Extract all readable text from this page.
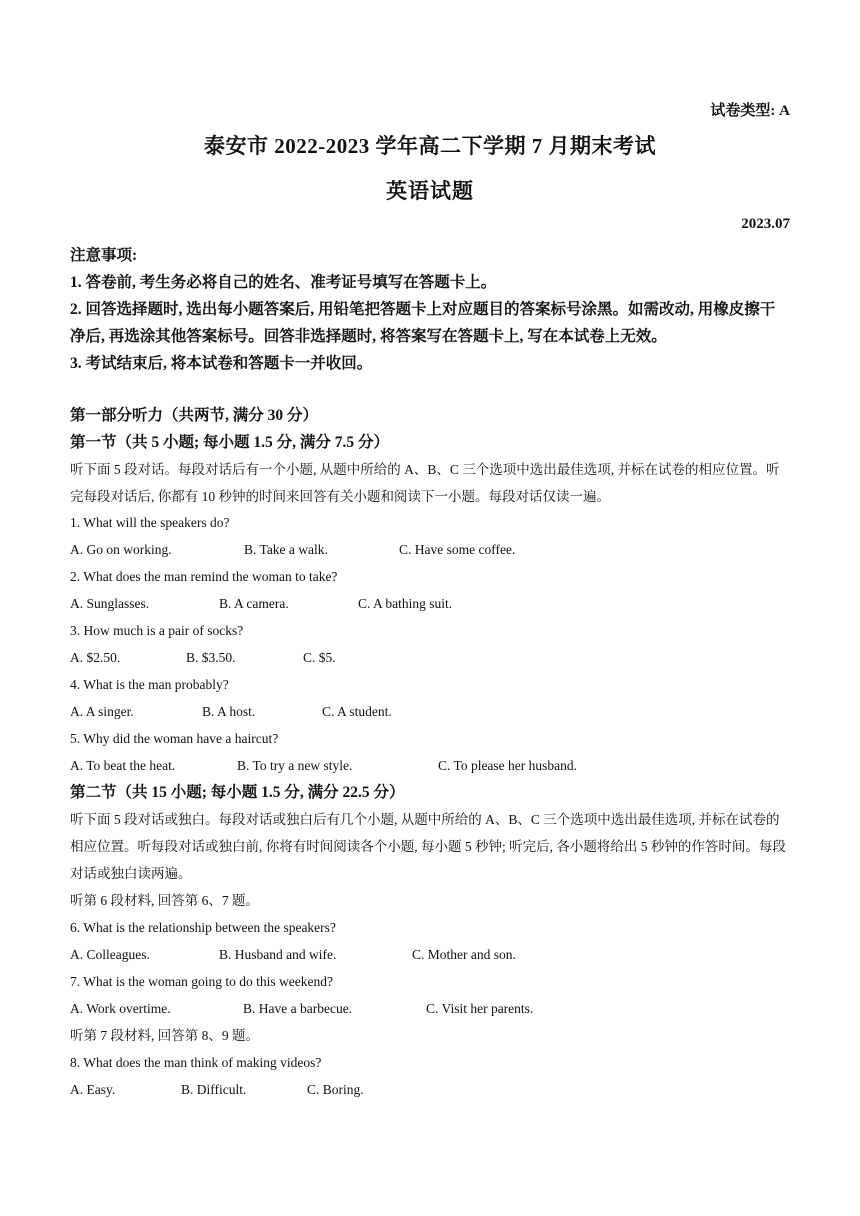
试卷类型: A
泰安市 2022-2023 学年高二下学期 7 月期末考试
英语试题
2023.07

注意事项:

1. 答卷前, 考生务必将自己的姓名、准考证号填写在答题卡上。

2. 回答选择题时, 选出每小题答案后, 用铅笔把答题卡上对应题目的答案标号涂黑。如需改动, 用橡皮擦干净后, 再选涂其他答案标号。回答非选择题时, 将答案写在答题卡上, 写在本试卷上无效。

3. 考试结束后, 将本试卷和答题卡一并收回。

第一部分听力（共两节, 满分 30 分）

第一节（共 5 小题; 每小题 1.5 分, 满分 7.5 分）

听下面 5 段对话。每段对话后有一个小题, 从题中所给的 A、B、C 三个选项中选出最佳选项, 并标在试卷的相应位置。听完每段对话后, 你都有 10 秒钟的时间来回答有关小题和阅读下一小题。每段对话仅读一遍。

1. What will the speakers do?

A. Go on working.	B. Take a walk.	C. Have some coffee.

2. What does the man remind the woman to take?

A. Sunglasses.	B. A camera.	C. A bathing suit.

3. How much is a pair of socks?

A. $2.50.	B. $3.50.	C. $5.

4. What is the man probably?

A. A singer.	B. A host.	C. A student.

5. Why did the woman have a haircut?

A. To beat the heat.	B. To try a new style.	C. To please her husband.

第二节（共 15 小题; 每小题 1.5 分, 满分 22.5 分）

听下面 5 段对话或独白。每段对话或独白后有几个小题, 从题中所给的 A、B、C 三个选项中选出最佳选项, 并标在试卷的相应位置。听每段对话或独白前, 你将有时间阅读各个小题, 每小题 5 秒钟; 听完后, 各小题将给出 5 秒钟的作答时间。每段对话或独白读两遍。

听第 6 段材料, 回答第 6、7 题。

6. What is the relationship between the speakers?

A. Colleagues.	B. Husband and wife.	C. Mother and son.

7. What is the woman going to do this weekend?

A. Work overtime.	B. Have a barbecue.	C. Visit her parents.

听第 7 段材料, 回答第 8、9 题。

8. What does the man think of making videos?

A. Easy.	B. Difficult.	C. Boring.
